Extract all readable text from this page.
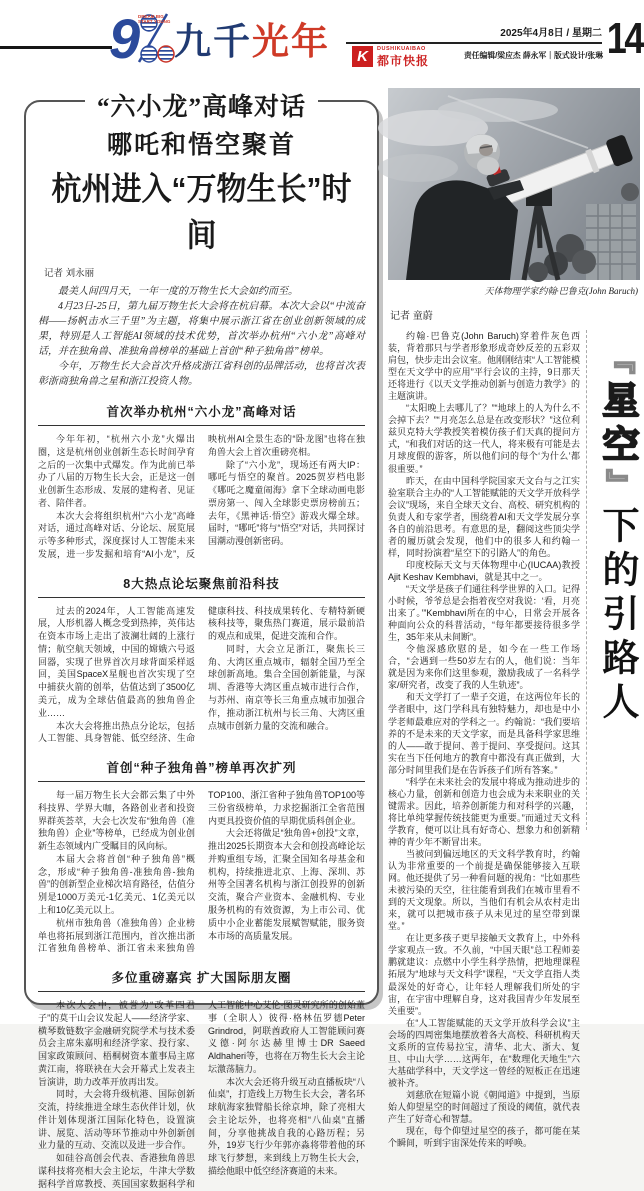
9
DREAM BIG START YOUNG 九千光年	2025年4月8日 / 星期二
K	DUSHIKUAIBAO
都市快报	责任编辑/梁应杰 薛永军｜版式设计/张琳 14
“六小龙”高峰对话
哪吒和悟空聚首
杭州进入“万物生长”时间
记者 刘永丽

最美人间四月天，一年一度的万物生长大会如约而至。

4月23日-25日，第九届万物生长大会将在杭启幕。本次大会以“中流奋楫——扬帆击水三千里”为主题，将集中展示浙江省在创业创新领域的成果，特别是人工智能AI领域的技术优势，首次举办杭州“六小龙”高峰对话，并在独角兽、准独角兽榜单的基础上首创“种子独角兽”榜单。

今年，万物生长大会首次升格成浙江省科创的品牌活动，也将首次表彰浙商独角兽之星和浙江投资人物。

首次举办杭州“六小龙”高峰对话

今年年初，“杭州六小龙”火爆出圈，这是杭州创业创新生态长时间孕育之后的一次集中式爆发。作为此前已举办了八届的万物生长大会，正是这一创业创新生态形成、发展的建构者、见证者、陪伴者。

本次大会将组织杭州“六小龙”高峰对话，通过高峰对话、分论坛、展览展示等多种形式，深度探讨人工智能未来发展，进一步发掘和培育“AI小龙”，反映杭州AI全景生态的“卧龙图”也将在独角兽大会上首次重磅亮相。

除了“六小龙”，现场还有两大IP：哪吒与悟空的聚首。2025贺岁档电影《哪吒之魔童闹海》拿下全球动画电影票房第一、闯入全球影史票房榜前五；去年，《黑神话·悟空》游戏火爆全球。届时，“哪吒”将与“悟空”对话，共同探讨国潮动漫创新密码。

8大热点论坛聚焦前沿科技

过去的2024年，人工智能高速发展，人形机器人概念受到热捧，英伟达在资本市场上走出了波澜壮阔的上涨行情；航空航天领域，中国的嫦娥六号返回器，实现了世界首次月球背面采样返回，美国SpaceX星舰也首次实现了空中捕获火箭的创举，估值达到了3500亿美元，成为全球估值最高的独角兽企业……

本次大会将推出热点分论坛，包括人工智能、具身智能、低空经济、生命健康科技、科技成果转化、专精特新硬核科技等，聚焦热门赛道，展示最前沿的观点和成果，促进交流和合作。

同时，大会立足浙江，聚焦长三角、大湾区重点城市，辐射全国乃至全球创新高地。集合全国创新能量，与深圳、香港等大湾区重点城市进行合作，与苏州、南京等长三角重点城市加强合作，推动浙江杭州与长三角、大湾区重点城市创新力量的交流和融合。

首创“种子独角兽”榜单再次扩列

每一届万物生长大会都云集了中外科技界、学界大咖，各路创业者和投资界群英荟萃，大会七次发布“独角兽（准独角兽）企业”等榜单，已经成为创业创新生态领域内广受瞩目的风向标。

本届大会将首创“种子独角兽”概念，形成“种子独角兽-准独角兽-独角兽”的创新型企业梯次培育路径，估值分别是1000万美元-1亿美元、1亿美元以上和10亿美元以上。

杭州市独角兽（准独角兽）企业榜单也将拓展到浙江范围内，首次推出浙江省独角兽榜单、浙江省未来独角兽TOP100、浙江省种子独角兽TOP100等三份省级榜单，力求挖掘浙江全省范围内更具投资价值的早期优质科创企业。

大会还将做足“独角兽+创投”文章，推出2025长期资本大会和创投高峰论坛并购重组专场，汇聚全国知名母基金和机构，持续推进北京、上海、深圳、苏州等全国著名机构与浙江创投界的创新交流，聚合产业资本、金融机构、专业服务机构的有效资源，为上市公司、优质中小企业蓄能发展赋智赋能，服务资本市场的高质量发展。

多位重磅嘉宾 扩大国际朋友圈

本次大会中，被誉为“改革四君子”的莫干山会议发起人——经济学家、横琴数链数字金融研究院学术与技术委员会主席朱嘉明和经济学家、投行家、国家政策顾问、梧桐树资本董事局主席黄江南，将联袂在大会开幕式上发表主旨演讲，助力改革开放再出发。

同时，大会将升级杭港、国际创新交流，持续推进全球生态伙伴计划，伙伴计划体现浙江国际化特色，设置演讲、展览、活动等环节推动中外创新创业力量的互动、交流以及进一步合作。

如硅谷高创会代表、香港独角兽思谋科技将亮相大会主论坛，牛津大学数据科学首席教授、英国国家数据科学和人工智能中心艾伦·图灵研究所的创始董事（全职人）彼得·格林伍罗德Peter Grindrod，阿联酋政府人工智能顾问赛义德·阿尔达赫里博士DR Saeed Aldhaheri等，也将在万物生长大会主论坛激荡脑力。

本次大会还将升级互动直播板块“八仙桌”，打造线上万物生长大会，著名环球航海家独臂船长徐京坤，除了亮相大会主论坛外，也将亮相“八仙桌”直播间，分享他挑战自我的心路历程；另外，19岁飞行少年郭亦淼将带着他的环球飞行梦想，来到线上万物生长大会，描绘他眼中低空经济赛道的未来。

天体物理学家约翰·巴鲁克(John Baruch)
记者 童蔚

约翰·巴鲁克(John Baruch)穿着件灰色西装，背着那只与学者形象形成奇妙反差的五彩双肩包，快步走出会议室。他刚刚结束“人工智能模型在天文学中的应用”平行会议的主持，9日那天还将进行《以天文学推动创新与创造力教学》的主题演讲。

“太阳晚上去哪儿了？”“地球上的人为什么不会掉下去？”“月亮怎么总是在改变形状？”这位利兹贝克特大学教授笑着模仿孩子们天真的提问方式，“和我们对话的这一代人，将来极有可能是去月球度假的游客，所以他们问的每个‘为什么’都很重要。”

昨天，在由中国科学院国家天文台与之江实验室联合主办的“人工智能赋能的天文学开放科学会议”现场，来自全球天文台、高校、研究机构的负责人和专家学者，围绕着AI和天文学发展分享各自的前沿思考。有意思的是，翻阅这些顶尖学者的履历就会发现，他们中的很多人和约翰一样，同时扮演着“星空下的引路人”的角色。

印度校际天文与天体物理中心(IUCAA)教授Ajit Keshav Kembhavi，就是其中之一。

“天文学是孩子们通往科学世界的入口。记得小时候，爷爷总是会指着夜空对我说：‘看，月亮出来了。’”Kembhavi所在的中心，日常会开展各种面向公众的科普活动，“每年都要接待很多学生，35年来从未间断”。

令他深感欣慰的是，如今在一些工作场合，“会遇到一些50岁左右的人，他们说：当年就是因为来你们这里参观，激励我成了一名科学家/研究者，改变了我的人生轨迹”。

和天文学打了一辈子交道，在这两位年长的学者眼中，这门学科具有独特魅力，却也是中小学老师最难应对的学科之一。约翰说：“我们要培养的不是未来的天文学家，而是具备科学家思维的人——敢于提问、善于提问、享受提问。这其实在当下任何地方的教育中都没有真正做到，大部分时间里我们是在告诉孩子们所有答案。”

“科学在未来社会的发展中将成为推动进步的核心力量，创新和创造力也会成为未来职业的关键需求。因此，培养创新能力和对科学的兴趣，将比单纯掌握传统技能更为重要。”而通过天文科学教育，便可以让具有好奇心、想象力和创新精神的青少年不断冒出来。

当被问到偏远地区的天文科学教育时，约翰认为非常重要的一个前提是确保能够接入互联网。他还提供了另一种看问题的视角：“比如那些未被污染的天空，往往能看到我们在城市里看不到的天文现象。所以，当他们有机会从农村走出来，就可以把城市孩子从未见过的星空带到课堂。”

在让更多孩子更早接触天文教育上，中外科学家观点一致。不久前，“中国天眼”总工程师姜鹏就建议：点燃中小学生科学热情，把地理课程拓展为“地球与天文科学”课程，“天文学直指人类最深处的好奇心，让年轻人理解我们所处的宇宙，在宇宙中理解自身，这对我国青少年发展至关重要”。

在“人工智能赋能的天文学开放科学会议”主会场的四周密集地摆放着各大高校、科研机构天文系所的宣传易拉宝，清华、北大、浙大、复旦、中山大学……这两年，在“数理化天地生”六大基础学科中，天文学这一曾经的短板正在迅速被补齐。

刘慈欣在短篇小说《朝闻道》中提到，当原始人仰望星空的时间超过了预设的阈值，就代表产生了好奇心和智慧。

现在，每个仰望过星空的孩子，都可能在某个瞬间，听到宇宙深处传来的呼唤。

『星空』下的引路人
